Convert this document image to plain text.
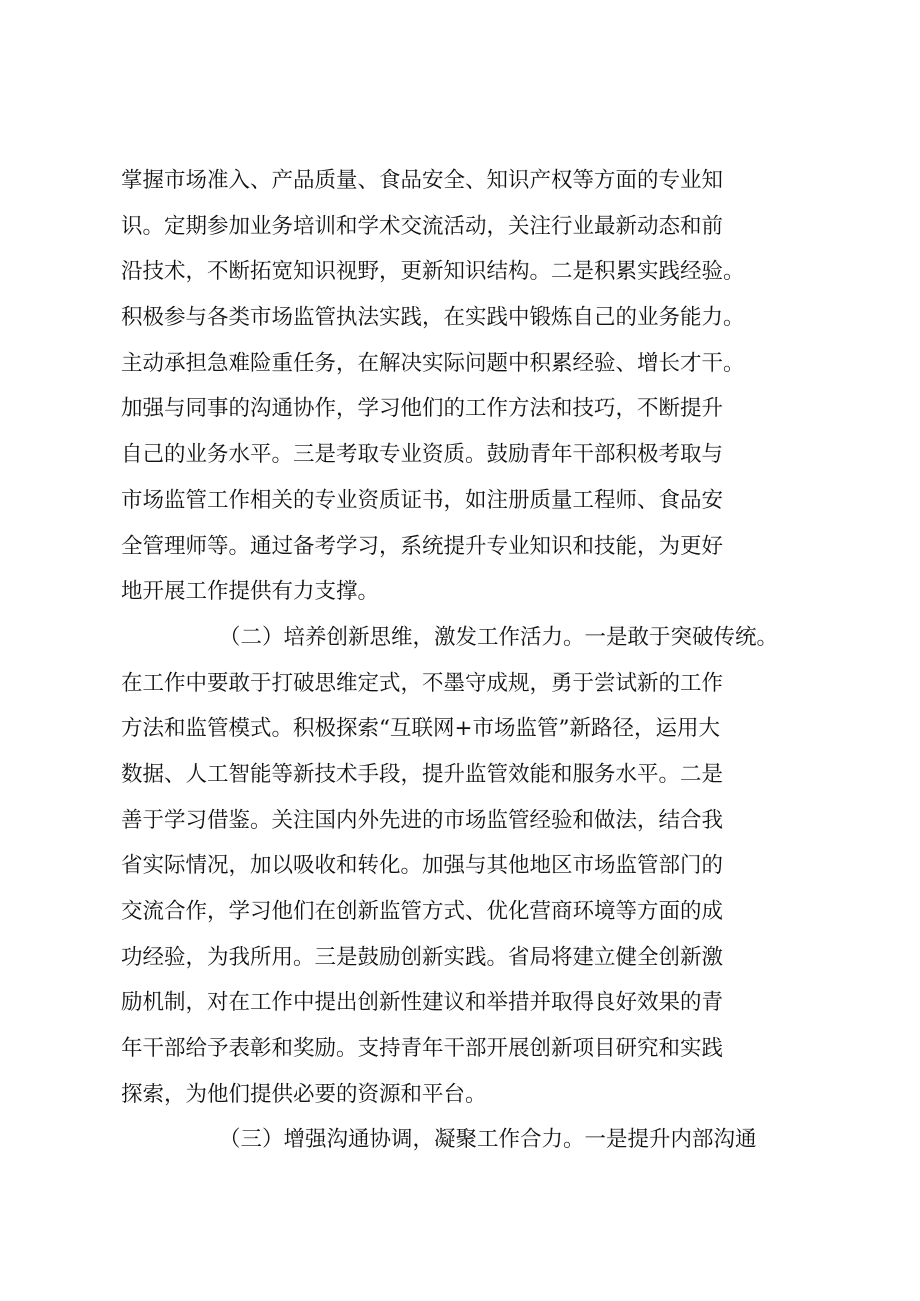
掌握市场准入、产品质量、食品安全、知识产权等方面的专业知
识。定期参加业务培训和学术交流活动，关注行业最新动态和前
沿技术，不断拓宽知识视野，更新知识结构。二是积累实践经验。
积极参与各类市场监管执法实践，在实践中锻炼自己的业务能力。
主动承担急难险重任务，在解决实际问题中积累经验、增长才干。
加强与同事的沟通协作，学习他们的工作方法和技巧，不断提升
自己的业务水平。三是考取专业资质。鼓励青年干部积极考取与
市场监管工作相关的专业资质证书，如注册质量工程师、食品安
全管理师等。通过备考学习，系统提升专业知识和技能，为更好
地开展工作提供有力支撑。
（二）培养创新思维，激发工作活力。一是敢于突破传统。
在工作中要敢于打破思维定式，不墨守成规，勇于尝试新的工作
方法和监管模式。积极探索“互联网+市场监管”新路径，运用大
数据、人工智能等新技术手段，提升监管效能和服务水平。二是
善于学习借鉴。关注国内外先进的市场监管经验和做法，结合我
省实际情况，加以吸收和转化。加强与其他地区市场监管部门的
交流合作，学习他们在创新监管方式、优化营商环境等方面的成
功经验，为我所用。三是鼓励创新实践。省局将建立健全创新激
励机制，对在工作中提出创新性建议和举措并取得良好效果的青
年干部给予表彰和奖励。支持青年干部开展创新项目研究和实践
探索，为他们提供必要的资源和平台。
（三）增强沟通协调，凝聚工作合力。一是提升内部沟通
